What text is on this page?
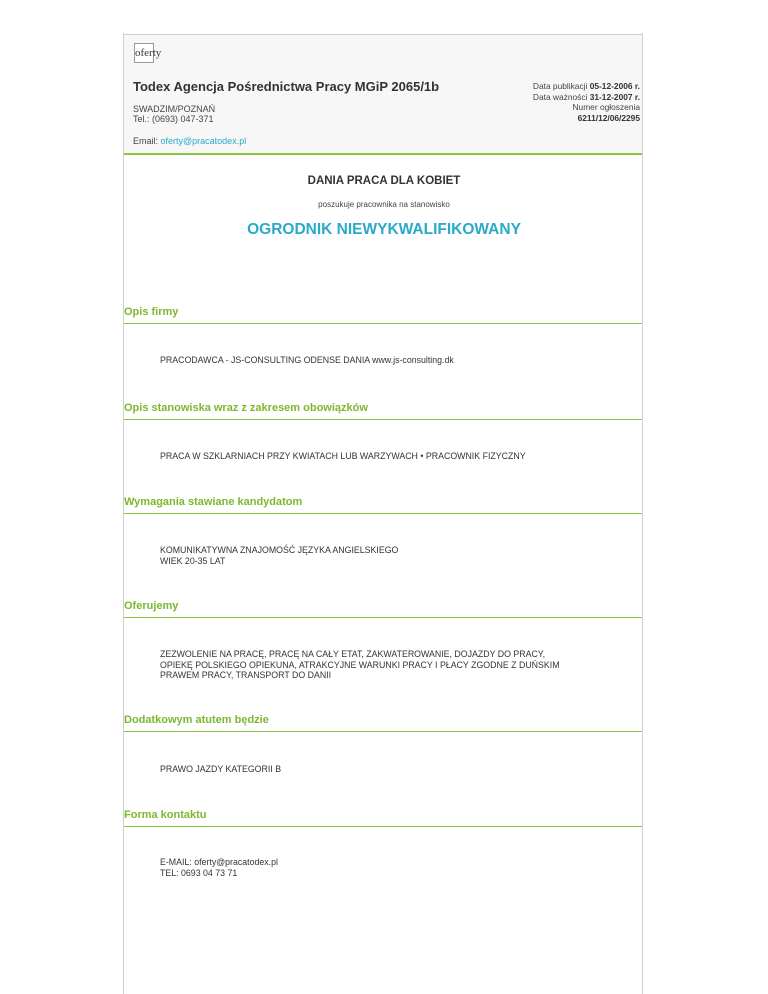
oferty
Todex Agencja Pośrednictwa Pracy MGiP 2065/1b
SWADZIM/POZNAŃ
Tel.: (0693) 047-371
Data publikacji 05-12-2006 r.
Data ważności 31-12-2007 r.
Numer ogłoszenia
6211/12/06/2295
Email: oferty@pracatodex.pl
DANIA PRACA DLA KOBIET
poszukuje pracownika na stanowisko
OGRODNIK NIEWYKWALIFIKOWANY
Opis firmy
PRACODAWCA - JS-CONSULTING ODENSE DANIA www.js-consulting.dk
Opis stanowiska wraz z zakresem obowiązków
PRACA W SZKLARNIACH PRZY KWIATACH LUB WARZYWACH • PRACOWNIK FIZYCZNY
Wymagania stawiane kandydatom
KOMUNIKATYWNA ZNAJOMOŚĆ JĘZYKA ANGIELSKIEGO
WIEK 20-35 LAT
Oferujemy
ZEZWOLENIE NA PRACĘ, PRACĘ NA CAŁY ETAT, ZAKWATEROWANIE, DOJAZDY DO PRACY,
OPIEKĘ POLSKIEGO OPIEKUNA, ATRAKCYJNE WARUNKI PRACY I PŁACY ZGODNE Z DUŃSKIM
PRAWEM PRACY, TRANSPORT DO DANII
Dodatkowym atutem będzie
PRAWO JAZDY KATEGORII B
Forma kontaktu
E-MAIL: oferty@pracatodex.pl
TEL: 0693 04 73 71
